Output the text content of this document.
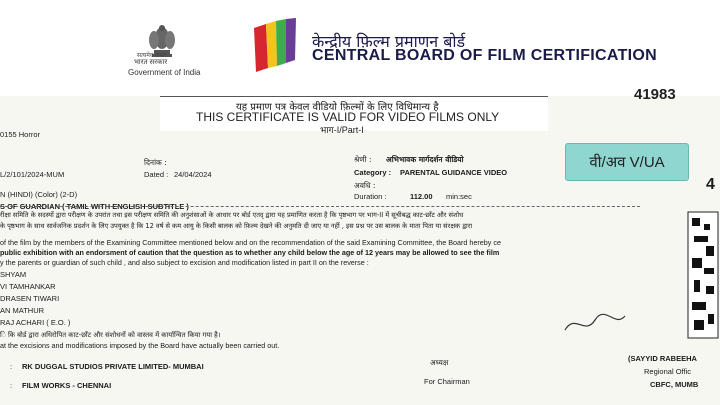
सत्यमेव जयते
भारत सरकार
Government of India
केन्द्रीय फ़िल्म प्रमाणन बोर्ड
CENTRAL BOARD OF FILM CERTIFICATION
यह प्रमाण पत्र केवल वीडियो फ़िल्मों के लिए विधिमान्य है
THIS CERTIFICATE IS VALID FOR VIDEO FILMS ONLY
भाग-I/Part-I
41983
0155 Horror
L/2/101/2024-MUM
दिनांक :
Dated : 24/04/2024
श्रेणी : अभिभावक मार्गदर्शन वीडियो
Category : PARENTAL GUIDANCE VIDEO
अवधि :
Duration :	112.00 min:sec
N (HINDI) (Color) (2-D)
S OF GUARDIAN ( TAMIL WITH ENGLISH SUBTITLE )
वी/अव V/UA
4
रीक्षा समिति के सदस्यों द्वारा परीक्षण के उपरांत तथा इस परीक्षण समिति की अनुशंसाओं के आधार पर बोर्ड एतद् द्वारा यह प्रमाणित करता है कि पृष्ठभाग पर भाग-II में सूचीबद्ध काट-छाँट और संशोध
के पृष्ठभाग के साथ सार्वजनिक प्रदर्शन के लिए उपयुक्त है कि 12 वर्ष से कम आयु के किसी बालक को फ़िल्म देखने की अनुमति दी जाए या नहीं , इस प्रश्न पर उस बालक के माता पिता या संरक्षक द्वारा
of the film by the members of the Examining Committee mentioned below and on the recommendation of the said Examining Committee, the Board hereby ce
public exhibition with an endorsment of caution that the question as to whether any child below the age of 12 years may be allowed to see the film
y the parents or guardian of such child , and also subject to excision and modification listed in part II on the reverse :
SHYAM
VI TAMHANKAR
DRASEN TIWARI
AN MATHUR
RAJ ACHARI ( E.O. )
ि कि बोर्ड द्वारा अधिरोपित काट-छाँट और संशोधनों को वास्तव में कार्यान्वित किया गया है।
at the excisions and modifications imposed by the Board have actually been carried out.
अध्यक्ष
For Chairman
: RK DUGGAL STUDIOS PRIVATE LIMITED- MUMBAI
: FILM WORKS - CHENNAI
(SAYYID RABEEHA
Regional Offic
CBFC, MUMB
